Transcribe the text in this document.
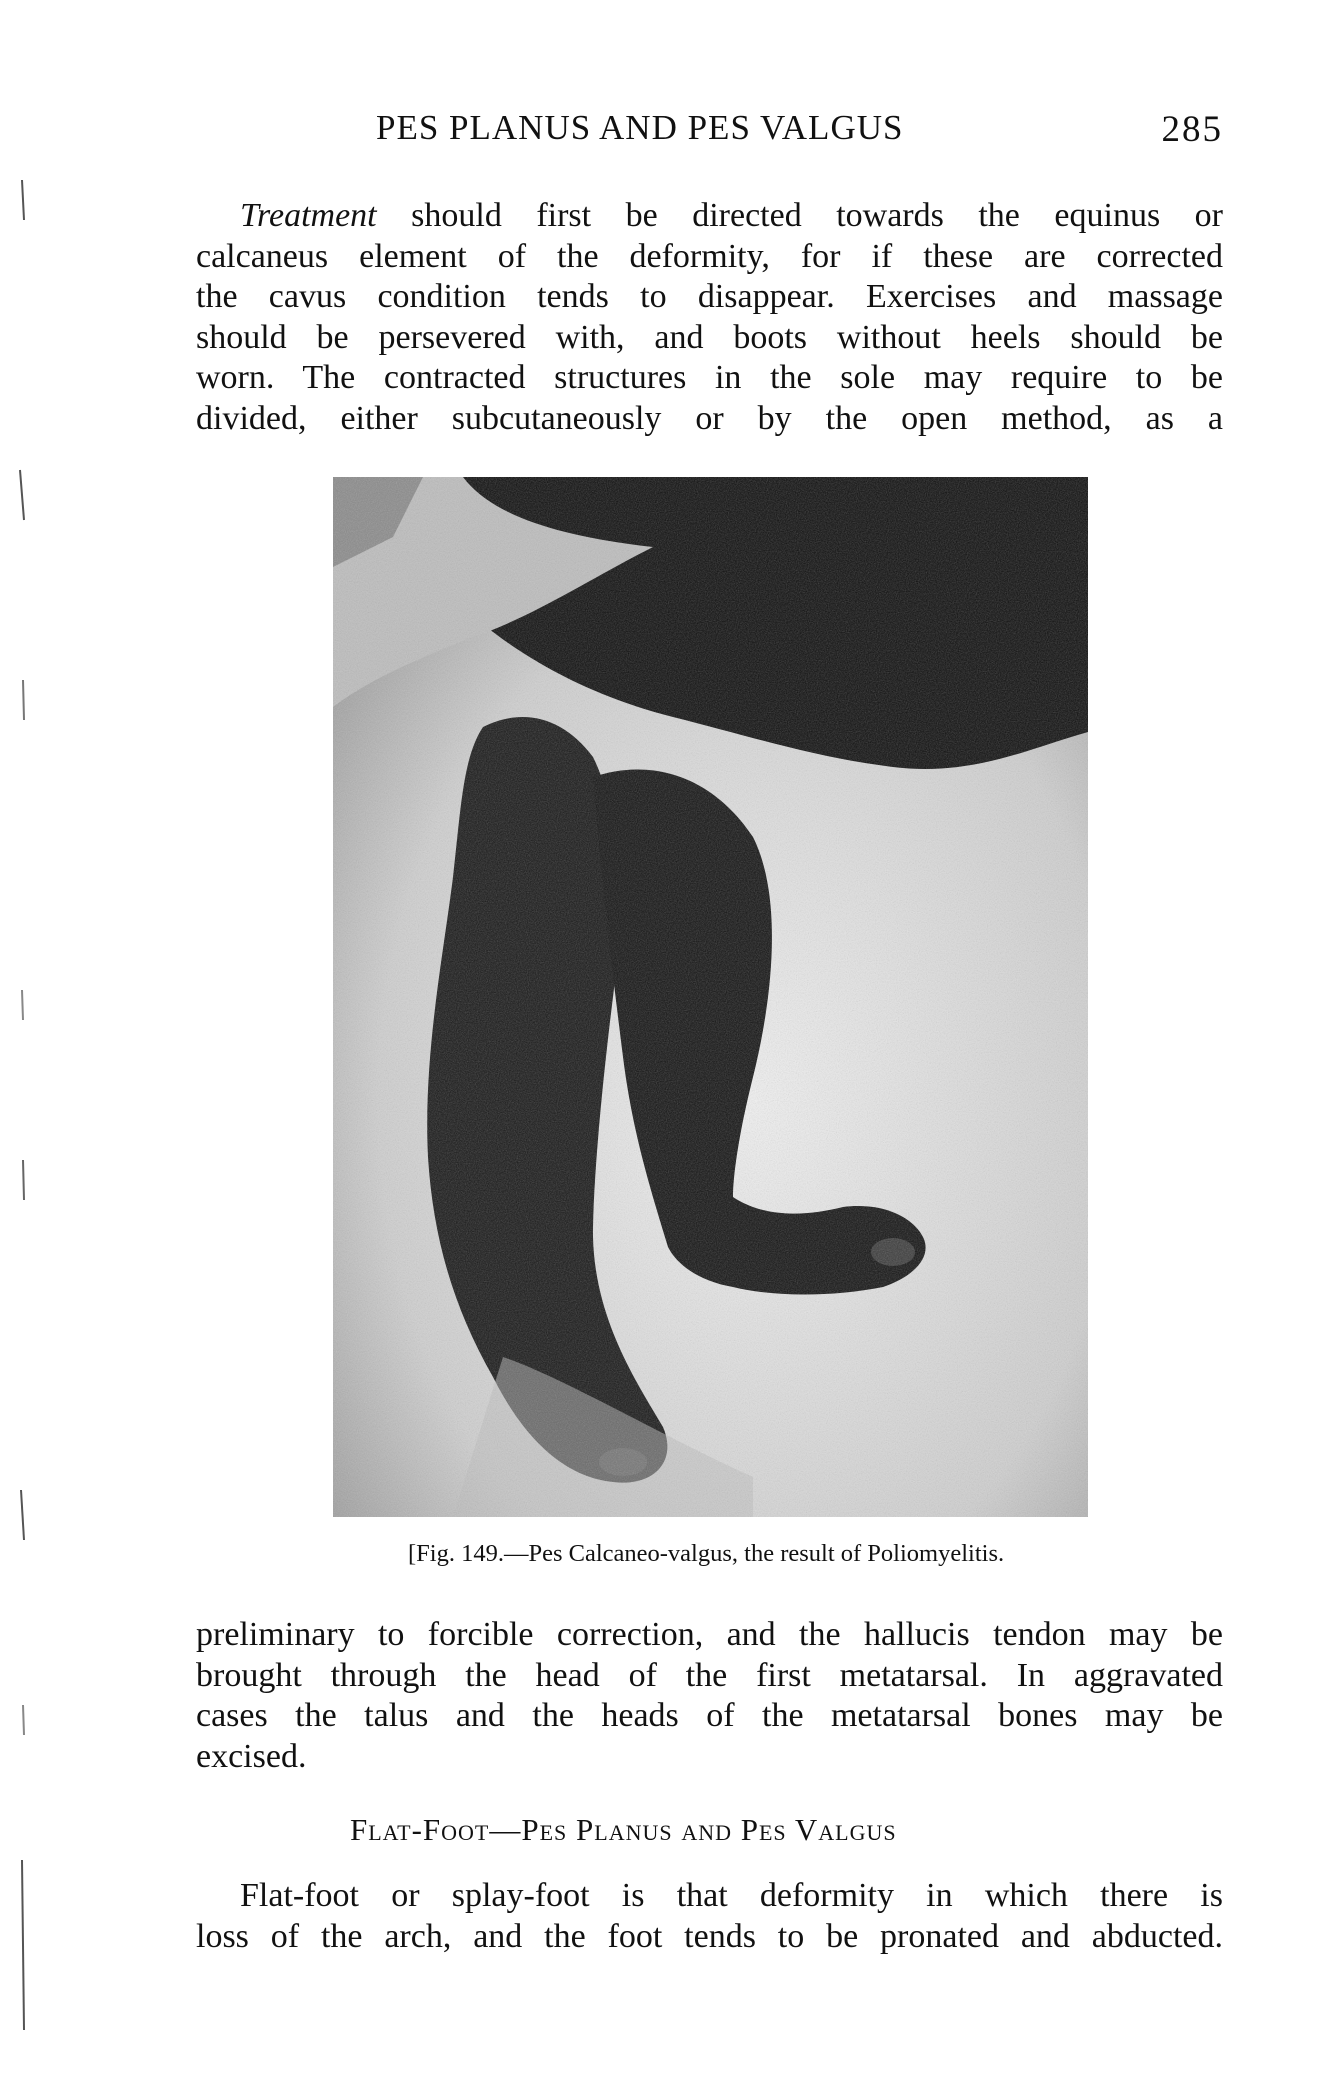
PES PLANUS AND PES VALGUS	285
Treatment should first be directed towards the equinus or
calcaneus element of the deformity, for if these are corrected
the cavus condition tends to disappear. Exercises and massage
should be persevered with, and boots without heels should be
worn. The contracted structures in the sole may require to be
divided, either subcutaneously or by the open method, as a
[Fig. 149.—Pes Calcaneo-valgus, the result of Poliomyelitis.
preliminary to forcible correction, and the hallucis tendon may be
brought through the head of the first metatarsal. In aggravated
cases the talus and the heads of the metatarsal bones may be
excised.
Flat-Foot—Pes Planus and Pes Valgus
Flat-foot or splay-foot is that deformity in which there is
loss of the arch, and the foot tends to be pronated and abducted.
